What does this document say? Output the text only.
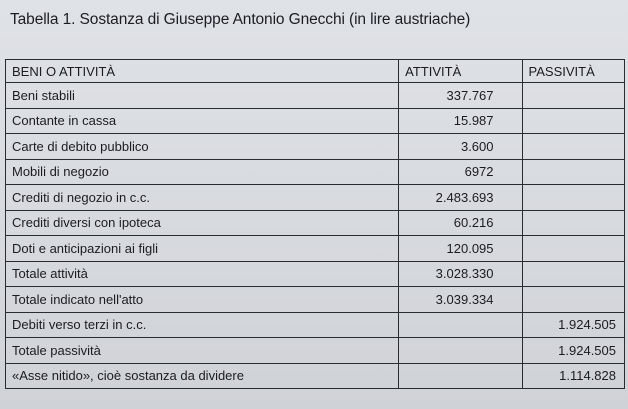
Tabella 1. Sostanza di Giuseppe Antonio Gnecchi (in lire austriache)
BENI O ATTIVITÀ	ATTIVITÀ	PASSIVITÀ
Beni stabili	337.767	
Contante in cassa	15.987	
Carte di debito pubblico	3.600	
Mobili di negozio	6972	
Crediti di negozio in c.c.	2.483.693	
Crediti diversi con ipoteca	60.216	
Doti e anticipazioni ai figli	120.095	
Totale attività	3.028.330	
Totale indicato nell'atto	3.039.334	
Debiti verso terzi in c.c.		1.924.505
Totale passività		1.924.505
«Asse nitido», cioè sostanza da dividere		1.114.828
